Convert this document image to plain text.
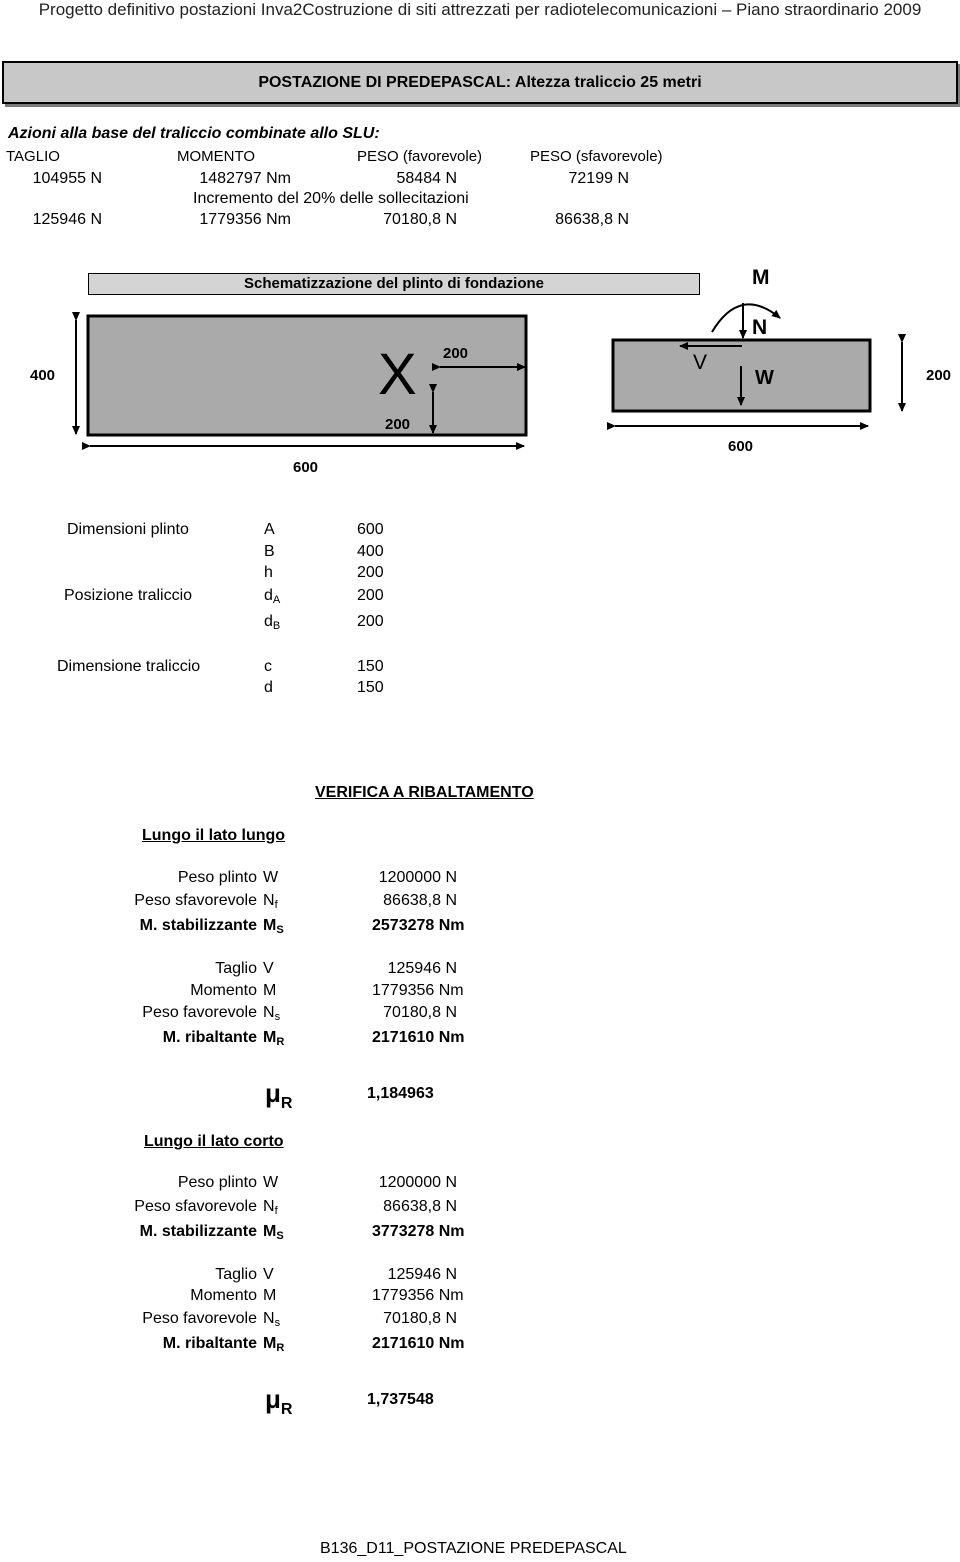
Progetto definitivo postazioni Inva2Costruzione di siti attrezzati per radiotelecomunicazioni – Piano straordinario 2009
POSTAZIONE DI PREDEPASCAL: Altezza traliccio 25 metri
Azioni alla base del traliccio combinate allo SLU:
TAGLIO	MOMENTO	PESO (favorevole)	PESO (sfavorevole)
104955 N	1482797 Nm	58484 N	72199 N
Incremento del 20% delle sollecitazioni
125946 N	1779356 Nm	70180,8 N	86638,8 N
Schematizzazione del plinto di fondazione
400	X 200
200
600
M
N
V
W
600
200
Dimensioni plinto	A	600
B	400
h	200
Posizione traliccio	$d_A$	200
$d_B$	200
Dimensione traliccio	c	150
d	150
VERIFICA A RIBALTAMENTO
Lungo il lato lungo
Peso plinto W	1200000 N
Peso sfavorevole $N_f$	86638,8 N
M. stabilizzante $M_S$	2573278 Nm
Taglio V	125946 N
Momento M	1779356 Nm
Peso favorevole $N_s$	70180,8 N
M. ribaltante $M_R$	2171610 Nm
$\mu_R$
1,184963
Lungo il lato corto
Peso plinto W	1200000 N
Peso sfavorevole $N_f$	86638,8 N
M. stabilizzante $M_S$	3773278 Nm
Taglio V	125946 N
Momento M	1779356 Nm
Peso favorevole $N_s$	70180,8 N
M. ribaltante $M_R$	2171610 Nm
$\mu_R$
1,737548
B136_D11_POSTAZIONE PREDEPASCAL
